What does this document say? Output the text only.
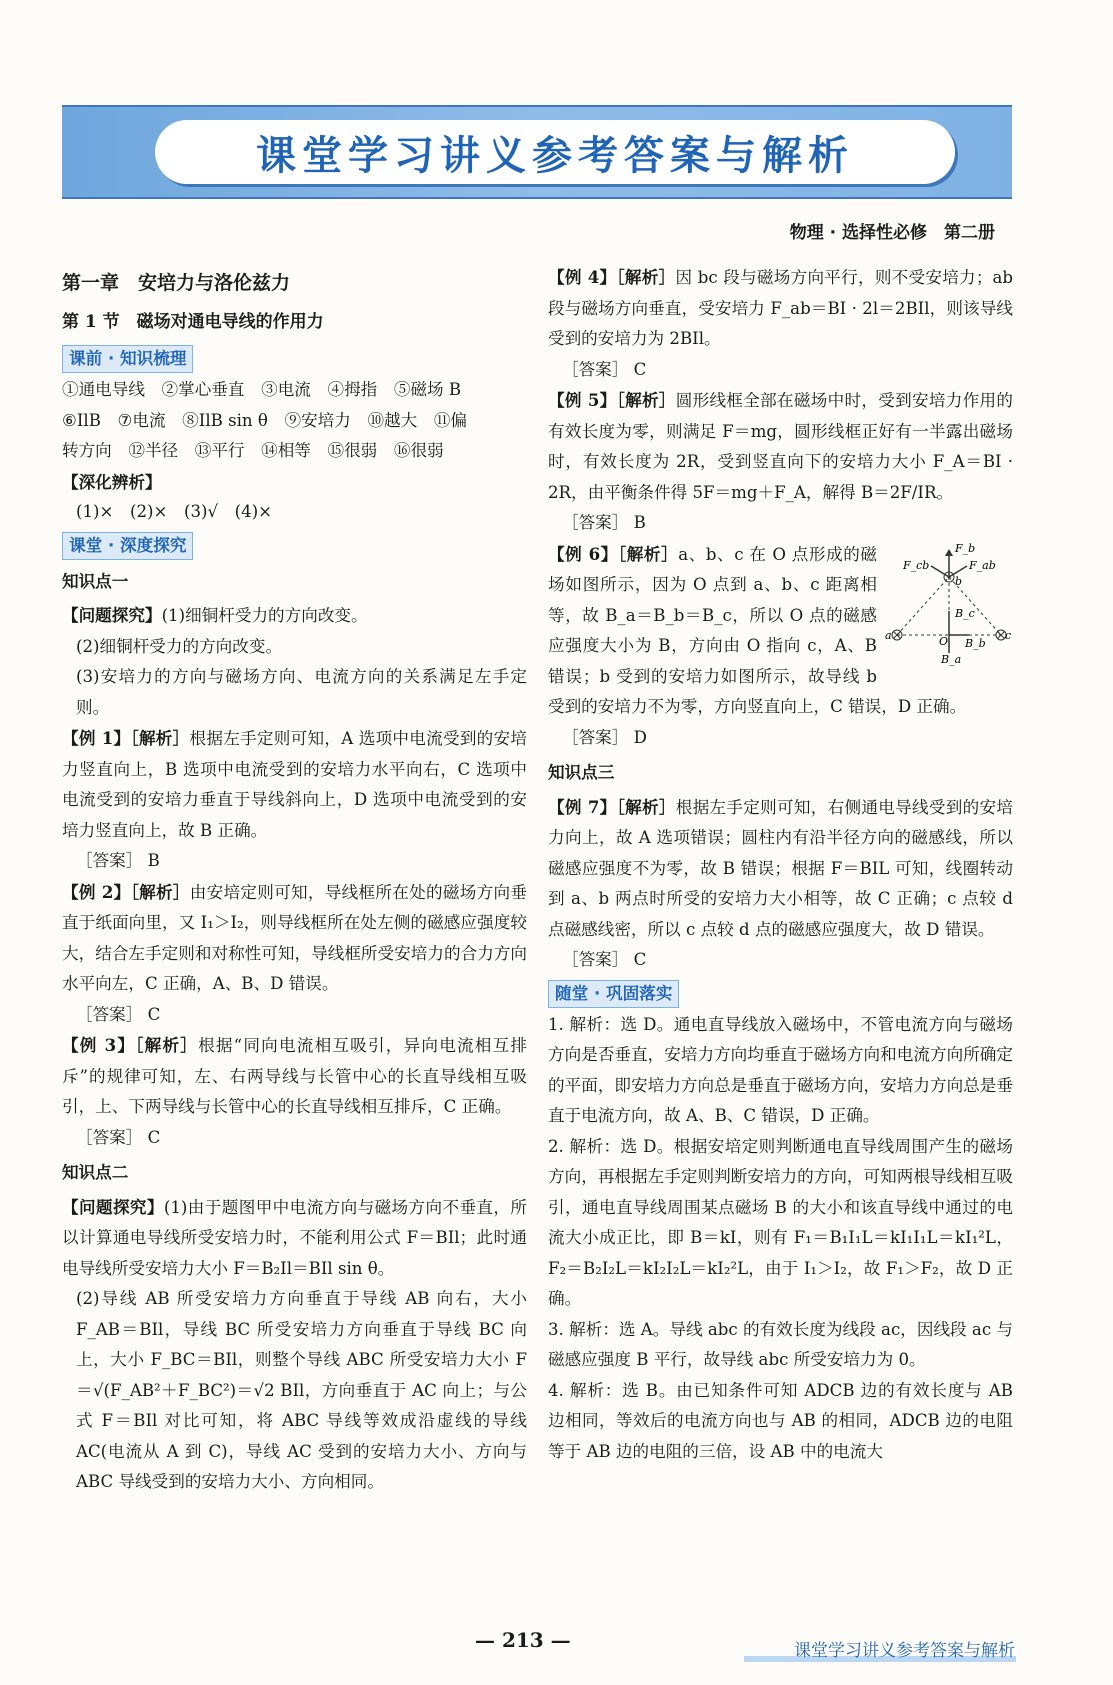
课堂学习讲义参考答案与解析
物理 · 选择性必修　第二册

第一章　安培力与洛伦兹力

第 1 节　磁场对通电导线的作用力

课前 · 知识梳理

①通电导线　②掌心垂直　③电流　④拇指　⑤磁场 B

⑥IlB　⑦电流　⑧IlB sin θ　⑨安培力　⑩越大　⑪偏

转方向　⑫半径　⑬平行　⑭相等　⑮很弱　⑯很弱

【深化辨析】

(1)×　(2)×　(3)√　(4)×

课堂 · 深度探究

知识点一

【问题探究】(1)细铜杆受力的方向改变。

(2)细铜杆受力的方向改变。

(3)安培力的方向与磁场方向、电流方向的关系满足左手定则。

【例 1】［解析］根据左手定则可知，A 选项中电流受到的安培力竖直向上，B 选项中电流受到的安培力水平向右，C 选项中电流受到的安培力垂直于导线斜向上，D 选项中电流受到的安培力竖直向上，故 B 正确。

［答案］ B

【例 2】［解析］由安培定则可知，导线框所在处的磁场方向垂直于纸面向里，又 I₁＞I₂，则导线框所在处左侧的磁感应强度较大，结合左手定则和对称性可知，导线框所受安培力的合力方向水平向左，C 正确，A、B、D 错误。

［答案］ C

【例 3】［解析］根据“同向电流相互吸引，异向电流相互排斥”的规律可知，左、右两导线与长管中心的长直导线相互吸引，上、下两导线与长管中心的长直导线相互排斥，C 正确。

［答案］ C

知识点二

【问题探究】(1)由于题图甲中电流方向与磁场方向不垂直，所以计算通电导线所受安培力时，不能利用公式 F＝BIl；此时通电导线所受安培力大小 F＝B₂Il＝BIl sin θ。

(2)导线 AB 所受安培力方向垂直于导线 AB 向右，大小 F_AB＝BIl，导线 BC 所受安培力方向垂直于导线 BC 向上，大小 F_BC＝BIl，则整个导线 ABC 所受安培力大小 F＝√(F_AB²＋F_BC²)＝√2 BIl，方向垂直于 AC 向上；与公式 F＝BIl 对比可知，将 ABC 导线等效成沿虚线的导线 AC(电流从 A 到 C)，导线 AC 受到的安培力大小、方向与 ABC 导线受到的安培力大小、方向相同。

【例 4】［解析］因 bc 段与磁场方向平行，则不受安培力；ab 段与磁场方向垂直，受安培力 F_ab＝BI · 2l＝2BIl，则该导线受到的安培力为 2BIl。

［答案］ C

【例 5】［解析］圆形线框全部在磁场中时，受到安培力作用的有效长度为零，则满足 F＝mg，圆形线框正好有一半露出磁场时，有效长度为 2R，受到竖直向下的安培力大小 F_A＝BI · 2R，由平衡条件得 5F＝mg＋F_A，解得 B＝2F/IR。

［答案］ B

F_b
F_ab
F_cb
b
B_c
a	O B_b
c
B_a
【例 6】［解析］a、b、c 在 O 点形成的磁场如图所示，因为 O 点到 a、b、c 距离相等，故 B_a＝B_b＝B_c，所以 O 点的磁感应强度大小为 B，方向由 O 指向 c，A、B 错误；b 受到的安培力如图所示，故导线 b 受到的安培力不为零，方向竖直向上，C 错误，D 正确。

［答案］ D

知识点三

【例 7】［解析］根据左手定则可知，右侧通电导线受到的安培力向上，故 A 选项错误；圆柱内有沿半径方向的磁感线，所以磁感应强度不为零，故 B 错误；根据 F＝BIL 可知，线圈转动到 a、b 两点时所受的安培力大小相等，故 C 正确；c 点较 d 点磁感线密，所以 c 点较 d 点的磁感应强度大，故 D 错误。

［答案］ C

随堂 · 巩固落实

1. 解析：选 D。通电直导线放入磁场中，不管电流方向与磁场方向是否垂直，安培力方向均垂直于磁场方向和电流方向所确定的平面，即安培力方向总是垂直于磁场方向，安培力方向总是垂直于电流方向，故 A、B、C 错误，D 正确。

2. 解析：选 D。根据安培定则判断通电直导线周围产生的磁场方向，再根据左手定则判断安培力的方向，可知两根导线相互吸引，通电直导线周围某点磁场 B 的大小和该直导线中通过的电流大小成正比，即 B＝kI，则有 F₁＝B₁I₁L＝kI₁I₁L＝kI₁²L，F₂＝B₂I₂L＝kI₂I₂L＝kI₂²L，由于 I₁＞I₂，故 F₁＞F₂，故 D 正确。

3. 解析：选 A。导线 abc 的有效长度为线段 ac，因线段 ac 与磁感应强度 B 平行，故导线 abc 所受安培力为 0。

4. 解析：选 B。由已知条件可知 ADCB 边的有效长度与 AB 边相同，等效后的电流方向也与 AB 的相同，ADCB 边的电阻等于 AB 边的电阻的三倍，设 AB 中的电流大

— 213 —	课堂学习讲义参考答案与解析
